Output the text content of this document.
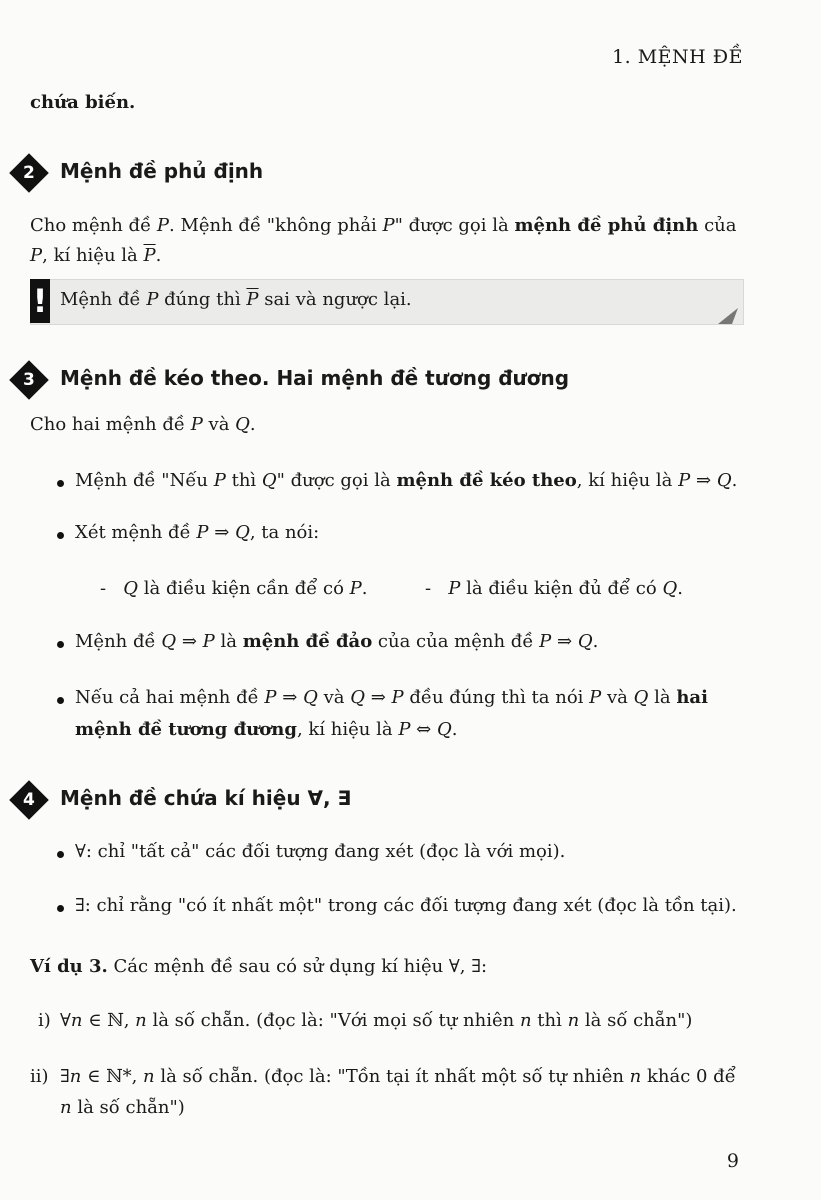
1. MỆNH ĐỀ
chứa biến.
2 Mệnh đề phủ định
Cho mệnh đề P. Mệnh đề "không phải P" được gọi là mệnh đề phủ định của
P, kí hiệu là $\overline{P}$.
! Mệnh đề P đúng thì $\overline{P}$ sai và ngược lại.
3 Mệnh đề kéo theo. Hai mệnh đề tương đương
Cho hai mệnh đề P và Q.
Mệnh đề "Nếu P thì Q" được gọi là mệnh đề kéo theo, kí hiệu là P ⇒ Q.
Xét mệnh đề P ⇒ Q, ta nói:
- Q là điều kiện cần để có P.	- P là điều kiện đủ để có Q.
Mệnh đề Q ⇒ P là mệnh đề đảo của của mệnh đề P ⇒ Q.
Nếu cả hai mệnh đề P ⇒ Q và Q ⇒ P đều đúng thì ta nói P và Q là hai
mệnh đề tương đương, kí hiệu là P ⇔ Q.
4 Mệnh đề chứa kí hiệu ∀, ∃
∀: chỉ "tất cả" các đối tượng đang xét (đọc là với mọi).
∃: chỉ rằng "có ít nhất một" trong các đối tượng đang xét (đọc là tồn tại).
Ví dụ 3. Các mệnh đề sau có sử dụng kí hiệu ∀, ∃:
i) ∀n ∈ ℕ, n là số chẵn. (đọc là: "Với mọi số tự nhiên n thì n là số chẵn")
ii) ∃n ∈ ℕ*, n là số chẵn. (đọc là: "Tồn tại ít nhất một số tự nhiên n khác 0 để
n là số chẵn")
9
